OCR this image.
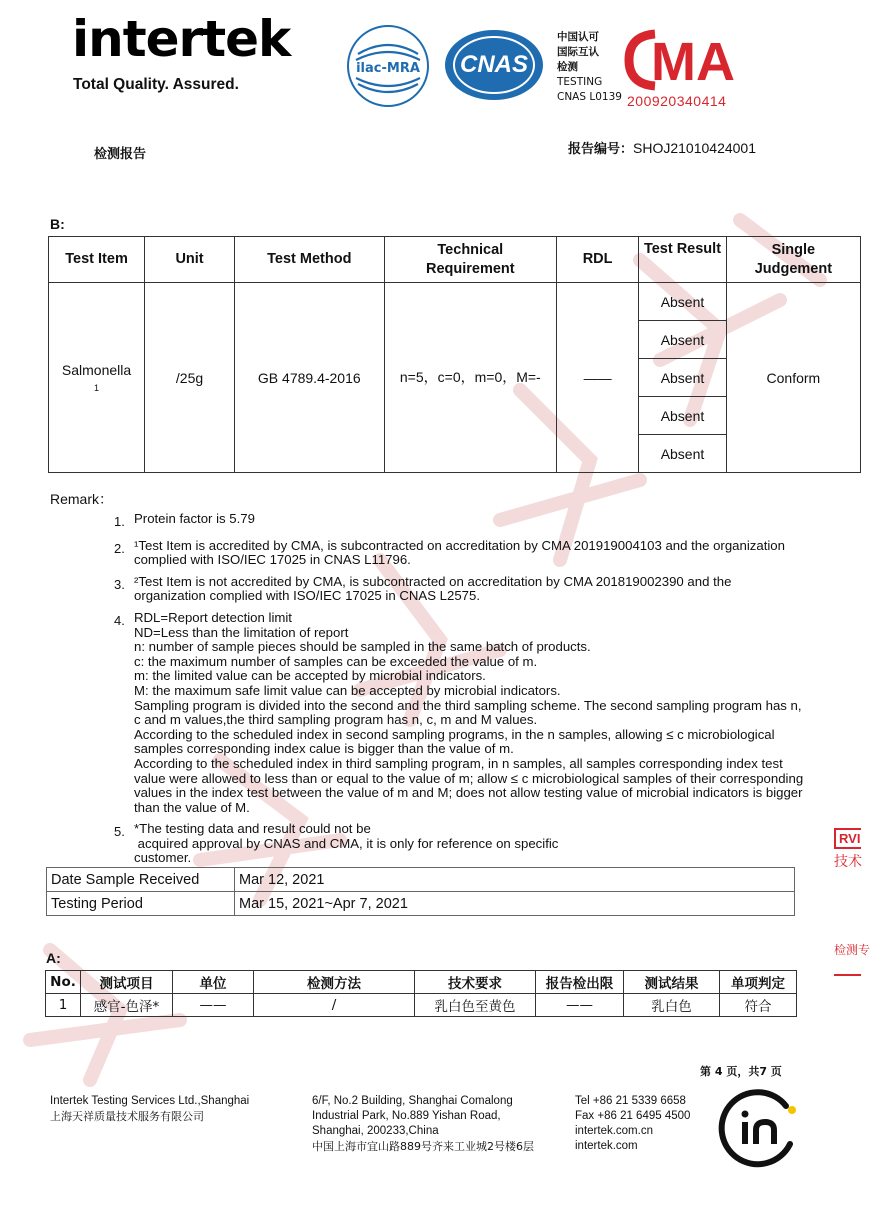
intertek
Total Quality. Assured.
ilac-MRA CNAS
中国认可
国际互认
检测
TESTING
CNAS L0139
MA
200920340414
检测报告	报告编号：SHOJ21010424001
B:
Test Item	Unit	Test Method	Technical Requirement	RDL	Test Result	Single Judgement
Salmonella
1	/25g	GB 4789.4-2016	n=5，c=0，m=0，M=-	——	Absent	Conform
					Absent	
					Absent	
					Absent	
					Absent	
Remark：
1. Protein factor is 5.79
2. ¹Test Item is accredited by CMA, is subcontracted on accreditation by CMA 201919004103 and the organization complied with ISO/IEC 17025 in CNAS L11796.
3. ²Test Item is not accredited by CMA, is subcontracted on accreditation by CMA 201819002390 and the organization complied with ISO/IEC 17025 in CNAS L2575.
4. RDL=Report detection limit
ND=Less than the limitation of report
n: number of sample pieces should be sampled in the same batch of products.
c: the maximum number of samples can be exceeded the value of m.
m: the limited value can be accepted by microbial indicators.
M: the maximum safe limit value can be accepted by microbial indicators.
Sampling program is divided into the second and the third sampling scheme. The second sampling program has n, c and m values,the third sampling program has n, c, m and M values.
According to the scheduled index in second sampling programs, in the n samples, allowing ≤ c microbiological samples corresponding index calue is bigger than the value of m.
According to the scheduled index in third sampling program, in n samples, all samples corresponding index test value were allowed to less than or equal to the value of m; allow ≤ c microbiological samples of their corresponding values in the index test between the value of m and M; does not allow testing value of microbial indicators is bigger than the value of M.
5. *The testing data and result could not be
acquired approval by CNAS and CMA, it is only for reference on specific
customer.
Date Sample Received	Mar 12, 2021
Testing Period	Mar 15, 2021~Apr 7, 2021
A:
No.	测试项目	单位	检测方法	技术要求	报告检出限	测试结果	单项判定
1	感官-色泽*	——	/	乳白色至黄色	——	乳白色	符合
RVI
技术
检测专
第 4 页，共7 页
Intertek Testing Services Ltd.,Shanghai
上海天祥质量技术服务有限公司
6/F, No.2 Building, Shanghai Comalong
Industrial Park, No.889 Yishan Road,
Shanghai, 200233,China
中国上海市宜山路889号齐来工业城2号楼6层
Tel +86 21 5339 6658
Fax +86 21 6495 4500
intertek.com.cn
intertek.com
